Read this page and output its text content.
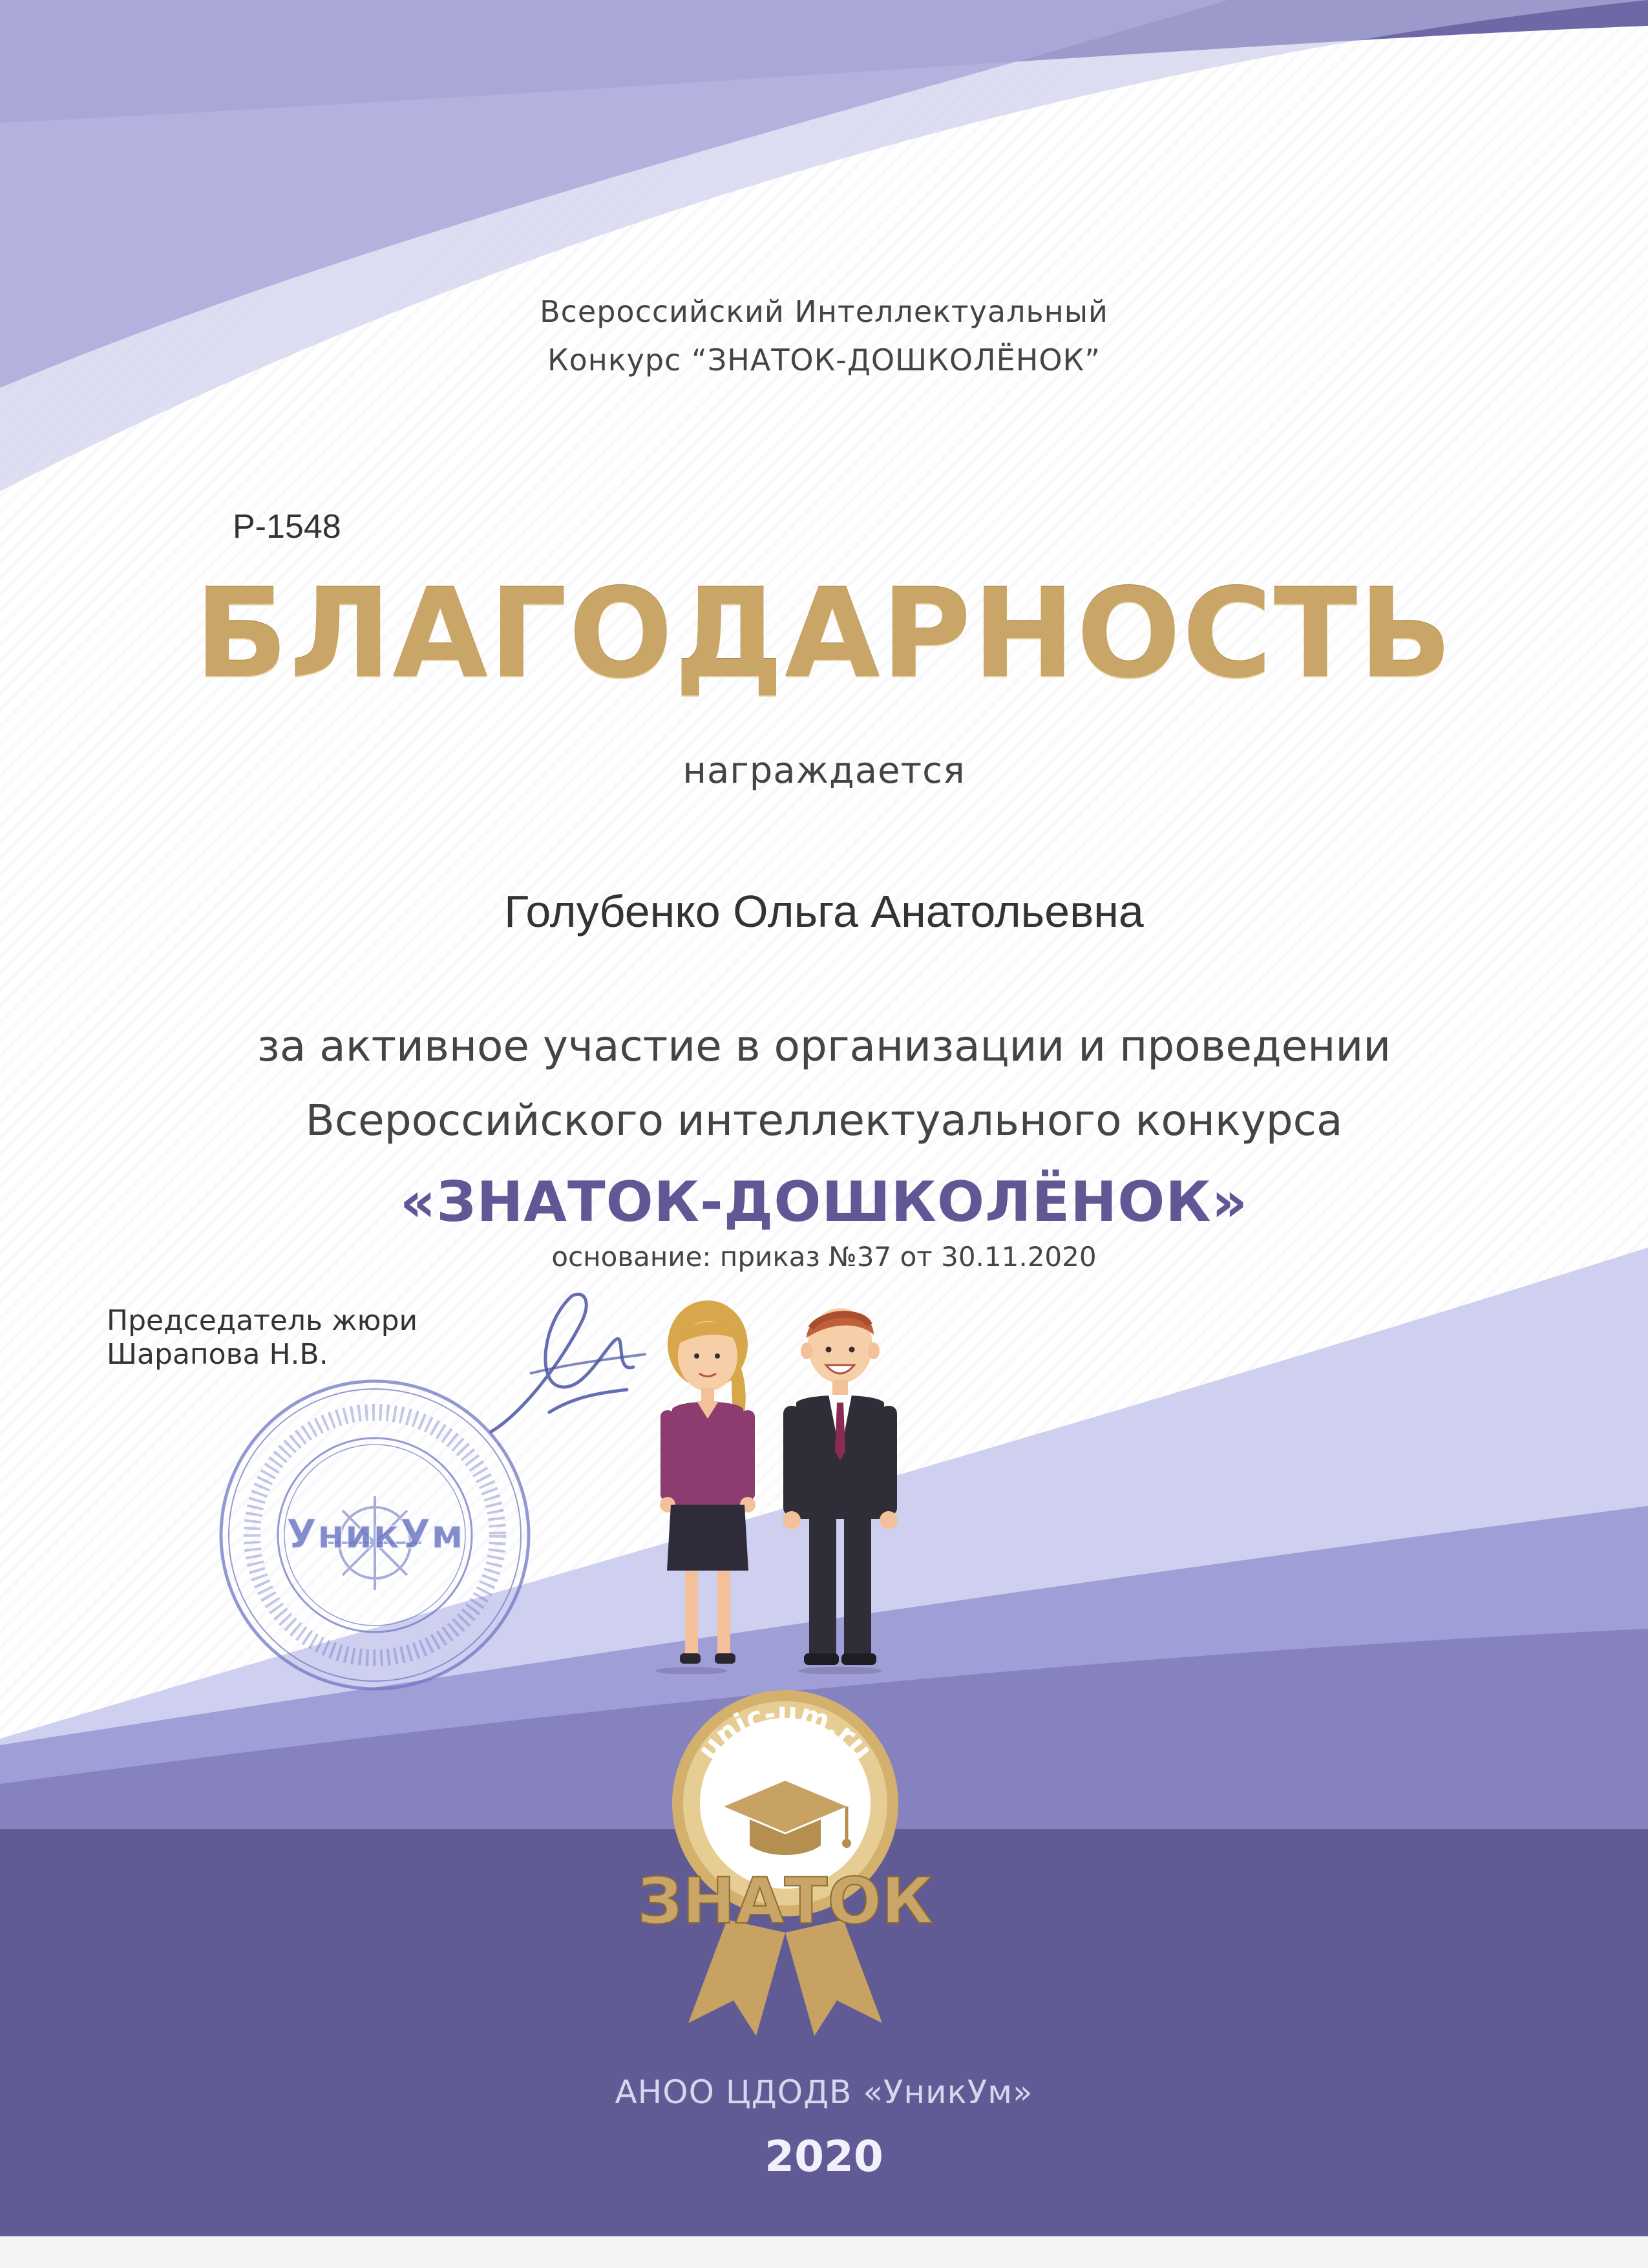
Всероссийский Интеллектуальный
Конкурс “ЗНАТОК-ДОШКОЛЁНОК”
Р-1548
БЛАГОДАРНОСТЬ
награждается
Голубенко Ольга Анатольевна
за активное участие в организации и проведении
Всероссийского интеллектуального конкурса
«ЗНАТОК-ДОШКОЛЁНОК»
основание: приказ №37 от 30.11.2020
Председатель жюри
Шарапова Н.В.
УникУм
unic-um.ru
ЗНАТОК
АНОО ЦДОДВ «УникУм»
2020
